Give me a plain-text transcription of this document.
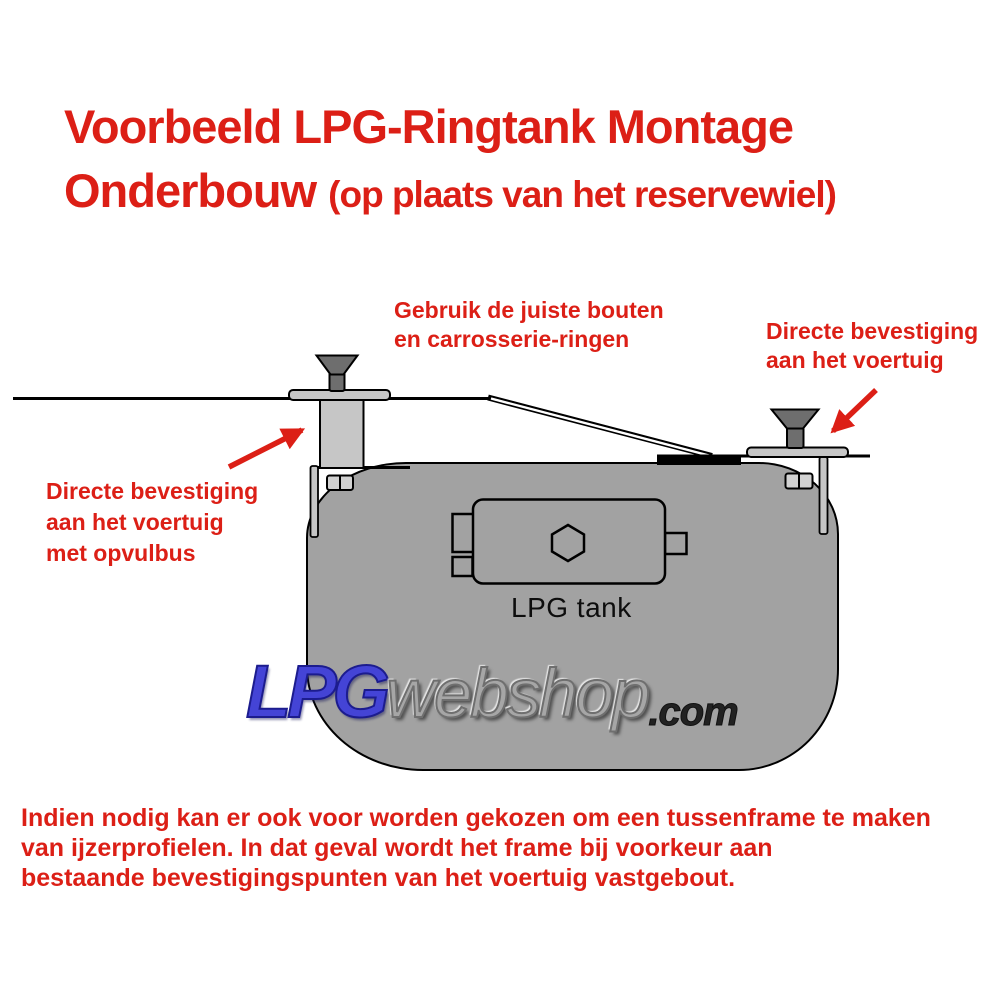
Voorbeeld LPG-Ringtank Montage
Onderbouw (op plaats van het reservewiel)
Gebruik de juiste bouten
en carrosserie-ringen	Directe bevestiging
aan het voertuig
Directe bevestiging
aan het voertuig
met opvulbus
LPG tank
LPGwebshop.com
Indien nodig kan er ook voor worden gekozen om een tussenframe te maken
van ijzerprofielen. In dat geval wordt het frame bij voorkeur aan
bestaande bevestigingspunten van het voertuig vastgebout.
